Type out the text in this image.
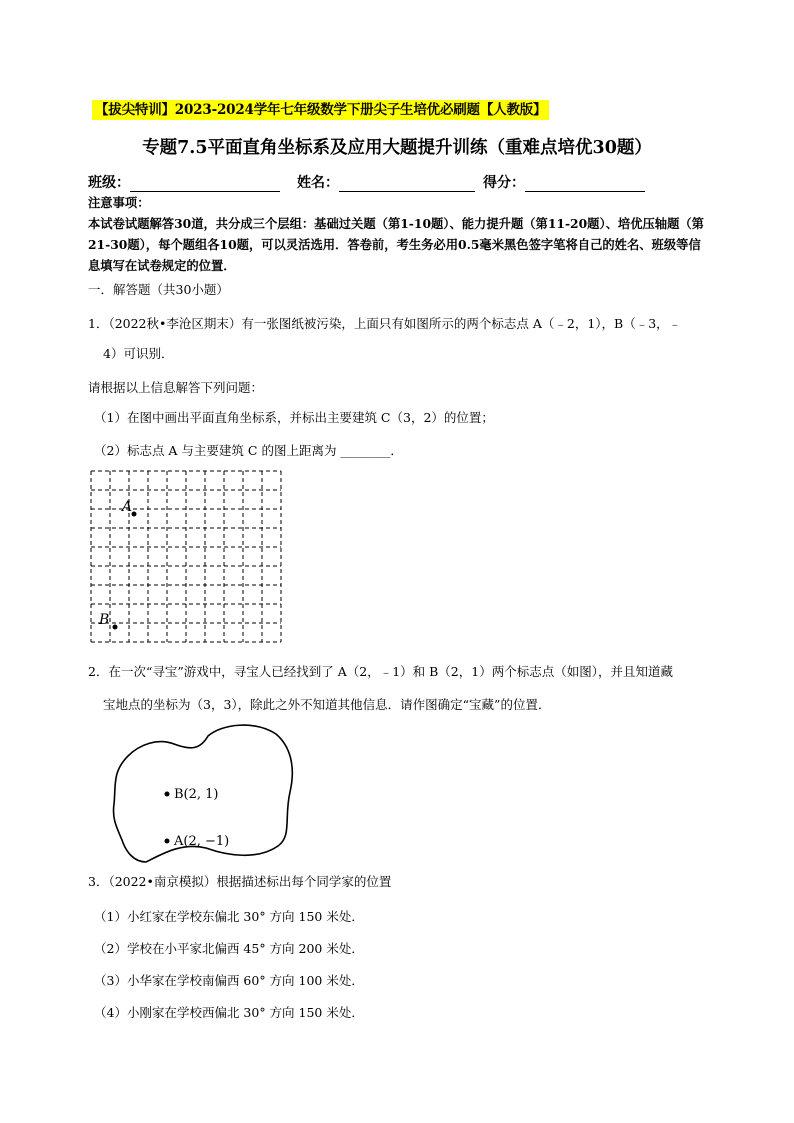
【拔尖特训】2023-2024学年七年级数学下册尖子生培优必刷题【人教版】
专题7.5平面直角坐标系及应用大题提升训练（重难点培优30题）
班级：	姓名：	得分：
注意事项：
本试卷试题解答30道，共分成三个层组：基础过关题（第1-10题）、能力提升题（第11-20题）、培优压轴题（第21-30题），每个题组各10题，可以灵活选用．答卷前，考生务必用0.5毫米黑色签字笔将自己的姓名、班级等信息填写在试卷规定的位置．
一．解答题（共30小题）
1．（2022秋•李沧区期末）有一张图纸被污染，上面只有如图所示的两个标志点 A（﹣2，1），B（﹣3，﹣
4）可识别．
请根据以上信息解答下列问题：
（1）在图中画出平面直角坐标系，并标出主要建筑 C（3，2）的位置；
（2）标志点 A 与主要建筑 C 的图上距离为 ________．
A
B
2．在一次“寻宝”游戏中，寻宝人已经找到了 A（2，﹣1）和 B（2，1）两个标志点（如图），并且知道藏
宝地点的坐标为（3，3），除此之外不知道其他信息．请作图确定“宝藏”的位置．
B(2, 1)
A(2, −1)
3．（2022•南京模拟）根据描述标出每个同学家的位置
（1）小红家在学校东偏北 30° 方向 150 米处．
（2）学校在小平家北偏西 45° 方向 200 米处．
（3）小华家在学校南偏西 60° 方向 100 米处．
（4）小刚家在学校西偏北 30° 方向 150 米处．
